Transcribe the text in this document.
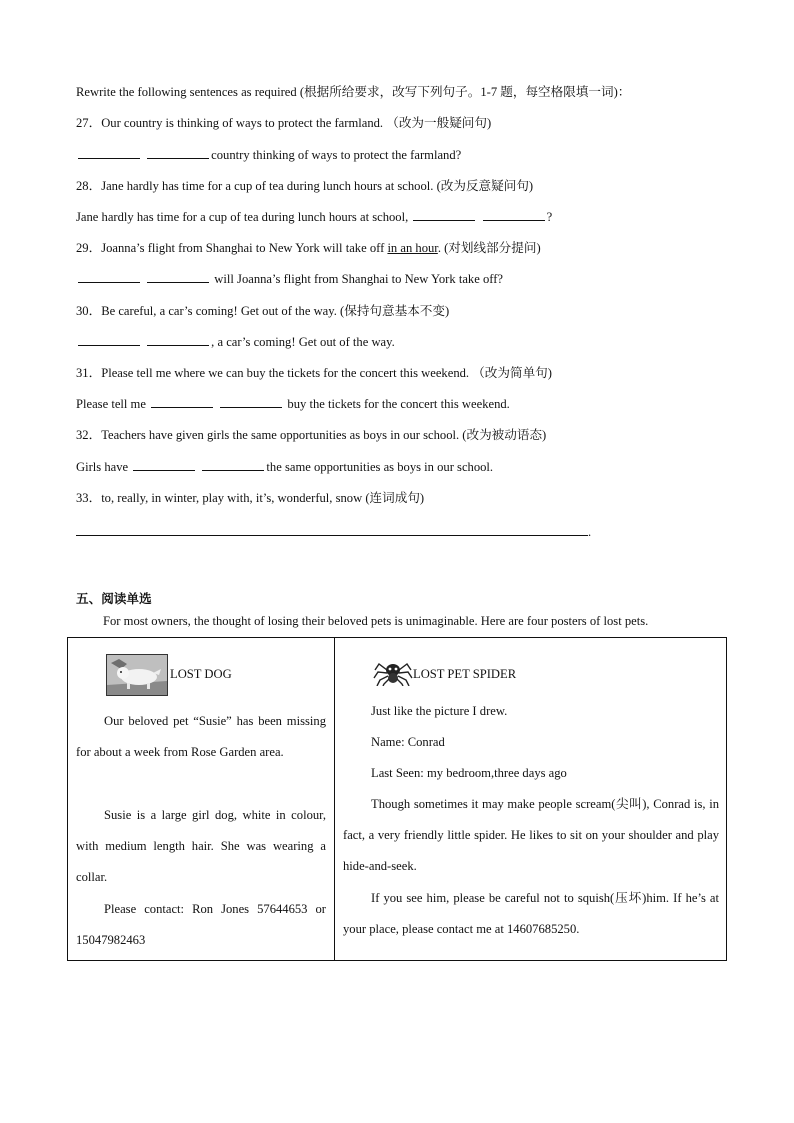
Rewrite the following sentences as required (根据所给要求，改写下列句子。1-7 题，每空格限填一词)：
27．Our country is thinking of ways to protect the farmland. （改为一般疑问句)
country thinking of ways to protect the farmland?
28．Jane hardly has time for a cup of tea during lunch hours at school. (改为反意疑问句)
Jane hardly has time for a cup of tea during lunch hours at school,	?
29．Joanna’s flight from Shanghai to New York will take off in an hour. (对划线部分提问)
will Joanna’s flight from Shanghai to New York take off?
30．Be careful, a car’s coming! Get out of the way. (保持句意基本不变)
, a car’s coming! Get out of the way.
31．Please tell me where we can buy the tickets for the concert this weekend. （改为简单句)
Please tell me	buy the tickets for the concert this weekend.
32．Teachers have given girls the same opportunities as boys in our school. (改为被动语态)
Girls have	the same opportunities as boys in our school.
33．to, really, in winter, play with, it’s, wonderful, snow (连词成句)
.
五、阅读单选
For most owners, the thought of losing their beloved pets is unimaginable. Here are four posters of lost pets.
LOST DOG
Our beloved pet “Susie” has been missing for about a week from Rose Garden area.
Susie is a large girl dog, white in colour, with medium length hair. She was wearing a collar.
Please contact: Ron Jones 57644653 or 15047982463

LOST PET SPIDER
Just like the picture I drew.
Name: Conrad
Last Seen: my bedroom,three days ago
Though sometimes it may make people scream(尖叫), Conrad is, in fact, a very friendly little spider. He likes to sit on your shoulder and play hide-and-seek.
If you see him, please be careful not to squish(压坏)him. If he’s at your place, please contact me at 14607685250.
